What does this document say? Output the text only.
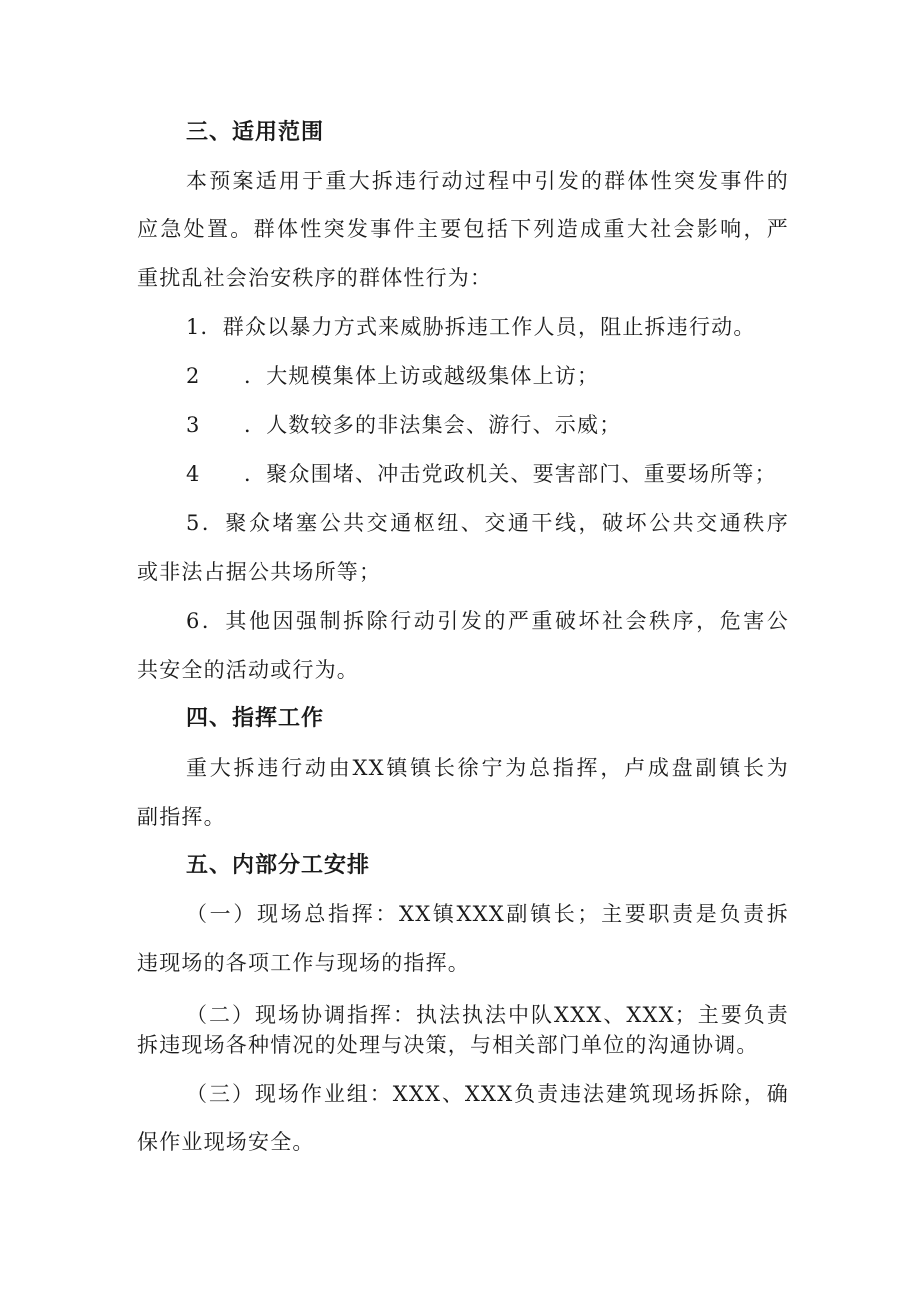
三、适用范围
本预案适用于重大拆违行动过程中引发的群体性突发事件的
应急处置。群体性突发事件主要包括下列造成重大社会影响，严
重扰乱社会治安秩序的群体性行为：
1．群众以暴力方式来威胁拆违工作人员，阻止拆违行动。
2 ．大规模集体上访或越级集体上访；
3 ．人数较多的非法集会、游行、示威；
4 ．聚众围堵、冲击党政机关、要害部门、重要场所等；
5．聚众堵塞公共交通枢纽、交通干线，破坏公共交通秩序
或非法占据公共场所等；
6．其他因强制拆除行动引发的严重破坏社会秩序，危害公
共安全的活动或行为。
四、指挥工作
重大拆违行动由XX镇镇长徐宁为总指挥，卢成盘副镇长为
副指挥。
五、内部分工安排
（一）现场总指挥：XX镇XXX副镇长；主要职责是负责拆
违现场的各项工作与现场的指挥。
（二）现场协调指挥：执法执法中队XXX、XXX；主要负责
拆违现场各种情况的处理与决策，与相关部门单位的沟通协调。
（三）现场作业组：XXX、XXX负责违法建筑现场拆除，确
保作业现场安全。
